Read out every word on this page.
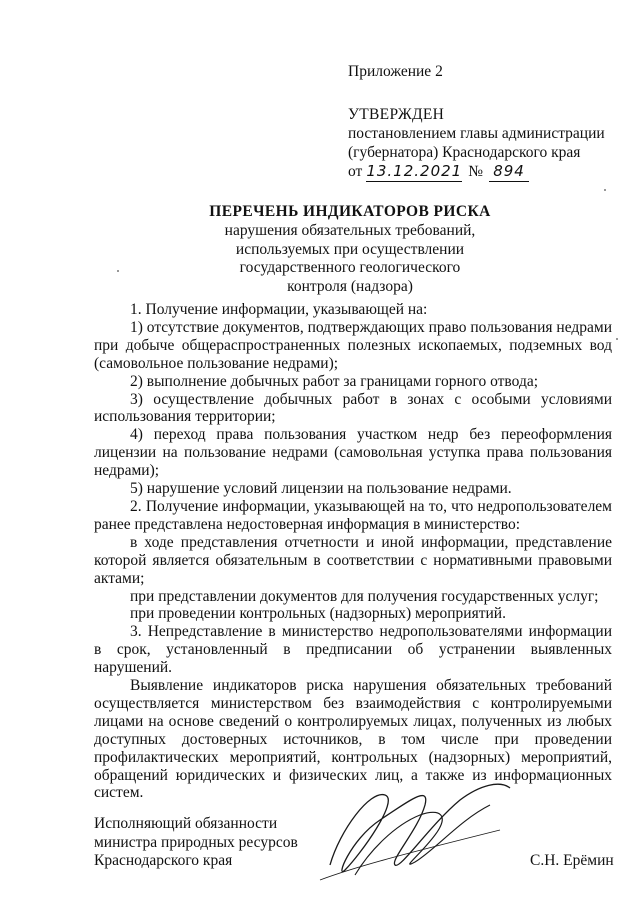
Приложение 2
УТВЕРЖДЕН
постановлением главы администрации
(губернатора) Краснодарского края
от 13.12.2021 № 894
ПЕРЕЧЕНЬ ИНДИКАТОРОВ РИСКА
нарушения обязательных требований,
используемых при осуществлении
государственного геологического
контроля (надзора)

1. Получение информации, указывающей на:

1) отсутствие документов, подтверждающих право пользования недрами при добыче общераспространенных полезных ископаемых, подземных вод (самовольное пользование недрами);

2) выполнение добычных работ за границами горного отвода;

3) осуществление добычных работ в зонах с особыми условиями использования территории;

4) переход права пользования участком недр без переоформления лицензии на пользование недрами (самовольная уступка права пользования недрами);

5) нарушение условий лицензии на пользование недрами.

2. Получение информации, указывающей на то, что недропользователем ранее представлена недостоверная информация в министерство:

в ходе представления отчетности и иной информации, представление которой является обязательным в соответствии с нормативными правовыми актами;

при представлении документов для получения государственных услуг;

при проведении контрольных (надзорных) мероприятий.

3. Непредставление в министерство недропользователями информации в срок, установленный в предписании об устранении выявленных нарушений.

Выявление индикаторов риска нарушения обязательных требований осуществляется министерством без взаимодействия с контролируемыми лицами на основе сведений о контролируемых лицах, полученных из любых доступных достоверных источников, в том числе при проведении профилактических мероприятий, контрольных (надзорных) мероприятий, обращений юридических и физических лиц, а также из информационных систем.

Исполняющий обязанности
министра природных ресурсов
Краснодарского края	С.Н. Ерёмин
